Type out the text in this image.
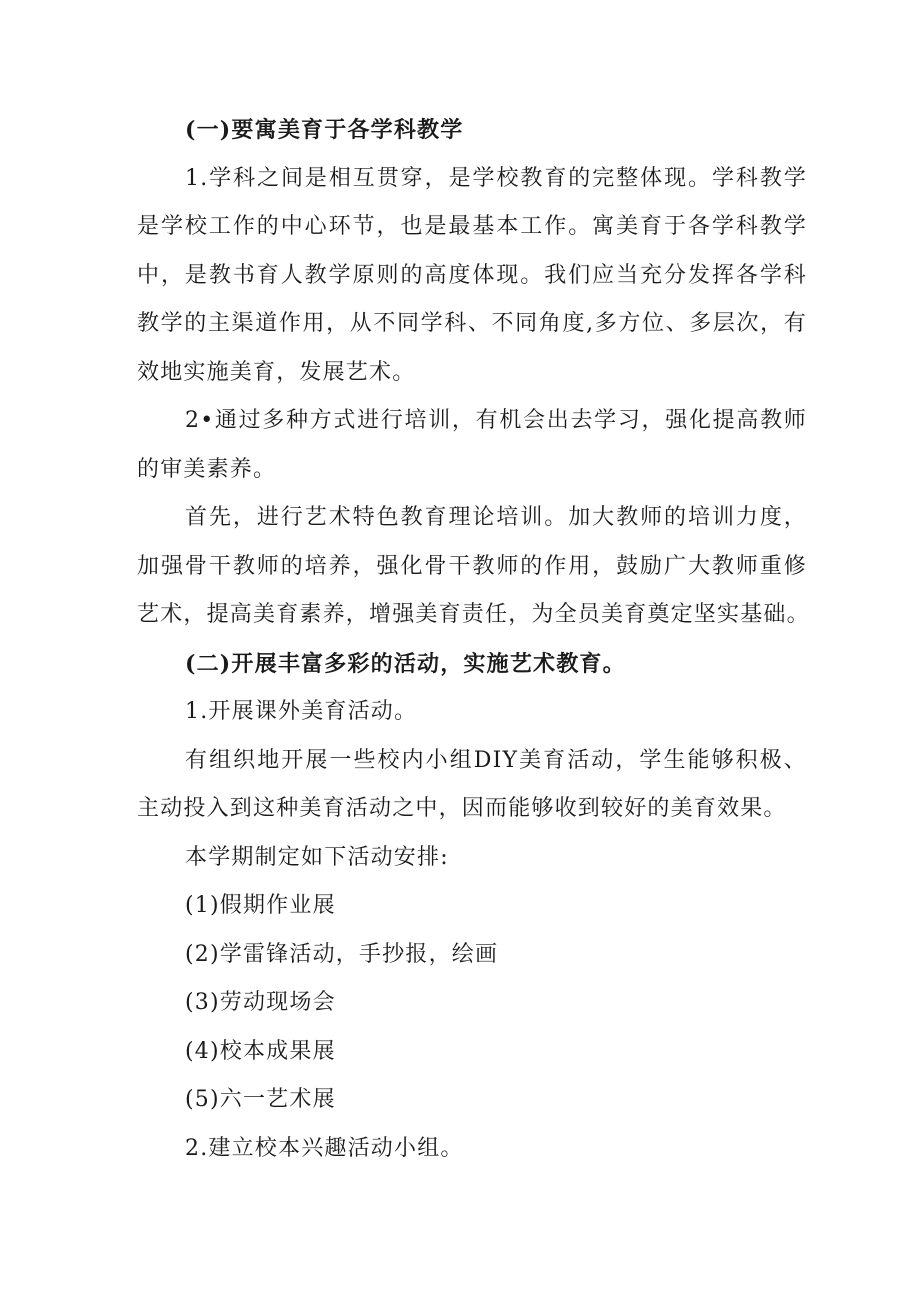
(一)要寓美育于各学科教学
1.学科之间是相互贯穿，是学校教育的完整体现。学科教学
是学校工作的中心环节，也是最基本工作。寓美育于各学科教学
中，是教书育人教学原则的高度体现。我们应当充分发挥各学科
教学的主渠道作用，从不同学科、不同角度,多方位、多层次，有
效地实施美育，发展艺术。
2•通过多种方式进行培训，有机会出去学习，强化提高教师
的审美素养。
首先，进行艺术特色教育理论培训。加大教师的培训力度，
加强骨干教师的培养，强化骨干教师的作用，鼓励广大教师重修
艺术，提高美育素养，增强美育责任，为全员美育奠定坚实基础。
(二)开展丰富多彩的活动，实施艺术教育。
1.开展课外美育活动。
有组织地开展一些校内小组DIY美育活动，学生能够积极、
主动投入到这种美育活动之中，因而能够收到较好的美育效果。
本学期制定如下活动安排:
(1)假期作业展
(2)学雷锋活动，手抄报，绘画
(3)劳动现场会
(4)校本成果展
(5)六一艺术展
2.建立校本兴趣活动小组。
